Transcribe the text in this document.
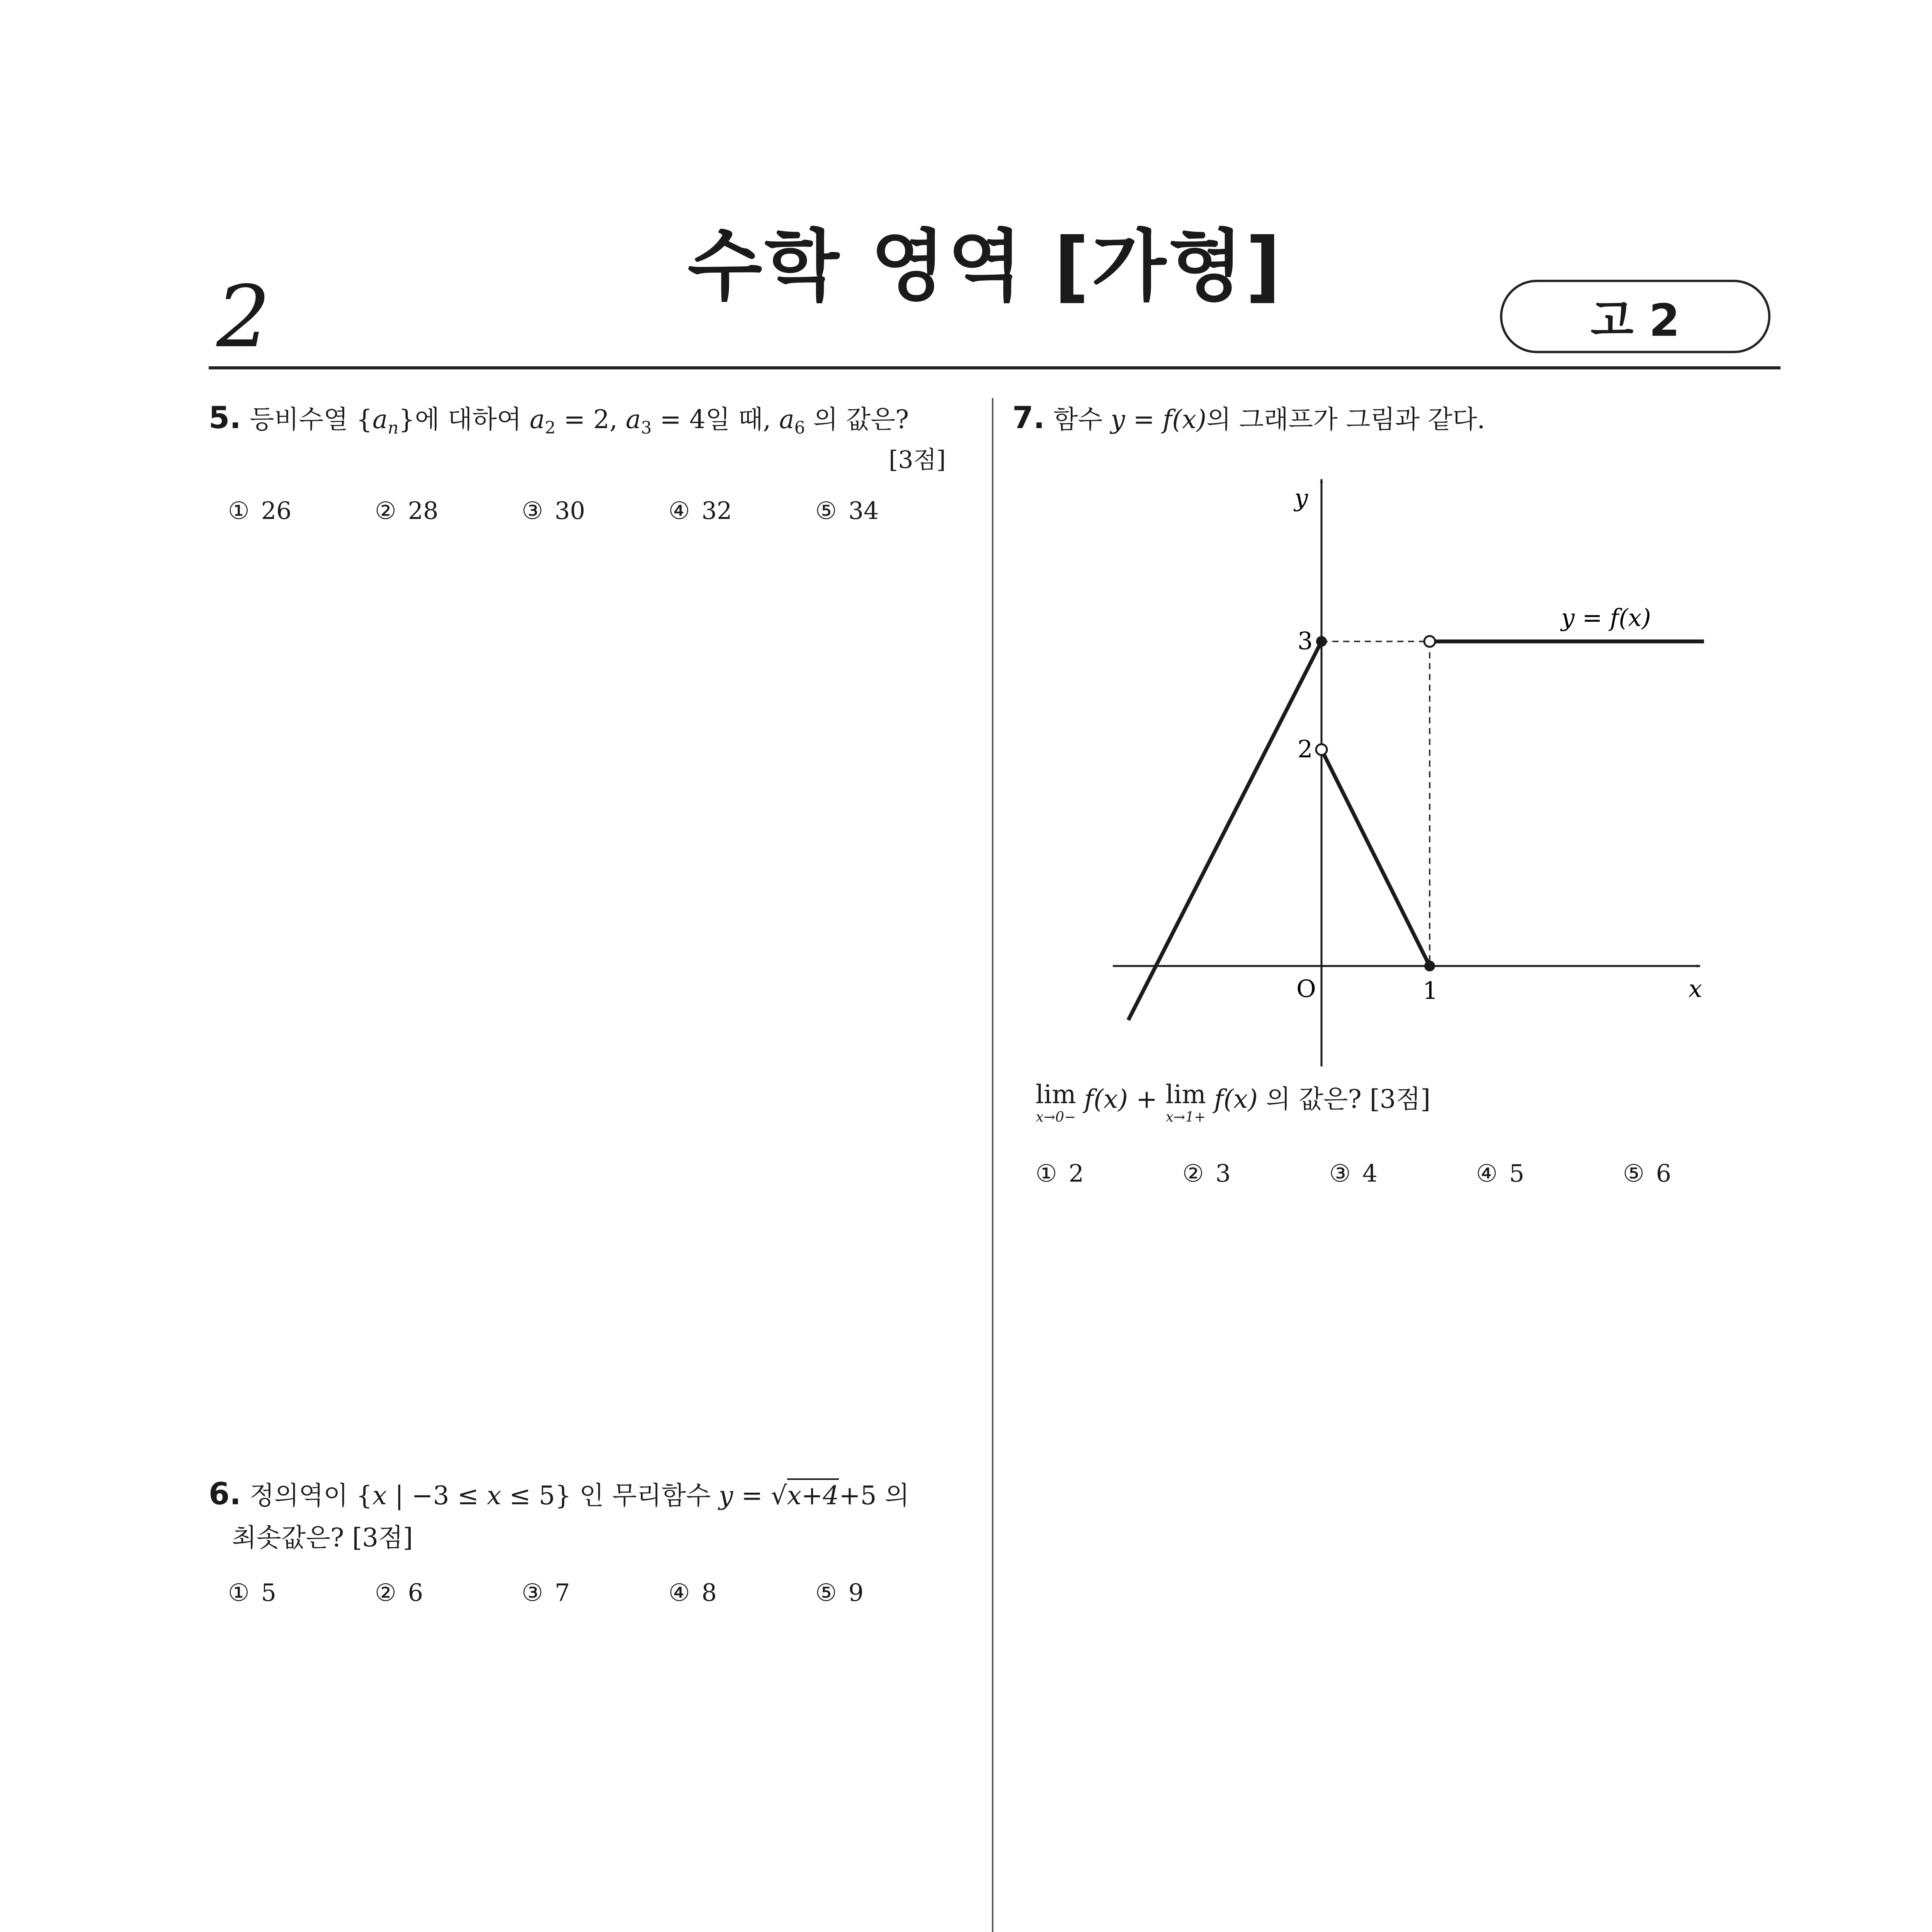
2
수학 영역 [가형]
고 2
5. 등비수열 $\{a_n\}$에 대하여 $a_2 = 2$, $a_3 = 4$일 때, $a_6$ 의 값은?
[3점]
① 26	② 28	③ 30	④ 32	⑤ 34
6. 정의역이 {x | −3 ≤ x ≤ 5} 인 무리함수 y = √x+4+5 의
최솟값은? [3점]
① 5	② 6	③ 7	④ 8	⑤ 9
7. 함수 y = f(x)의 그래프가 그림과 같다.
y
x
O	1
2
3
y = f(x)
lim
x→0−
f(x) + lim
x→1+
f(x) 의 값은? [3점]
① 2	② 3	③ 4	④ 5	⑤ 6
